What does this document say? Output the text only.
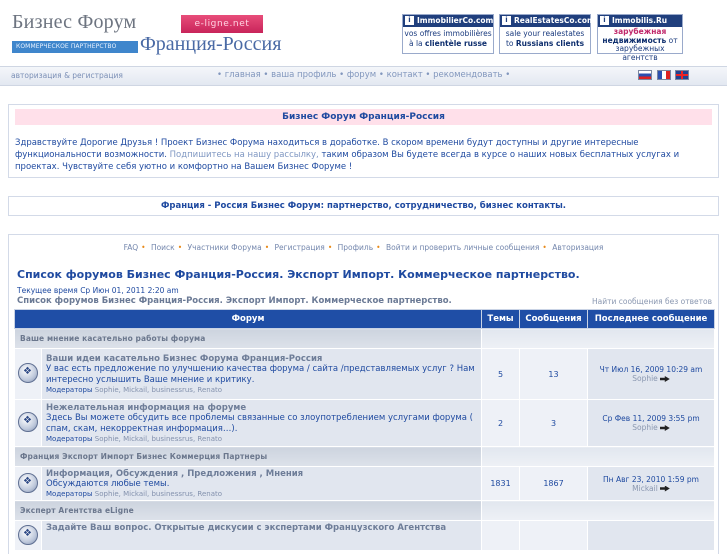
Бизнес Форум	e-ligne.net
КОММЕРЧЕСКОЕ ПАРТНЕРСТВО	Франция-Россия
i ImmobilierCo.com
vos offres immobilières
à la clientèle russe
i RealEstatesCo.com
sale your realestates
to Russians clients
i Immobilis.Ru
зарубежная
недвижимость от
зарубежных агентств
авторизация & регистрация	• главная • ваша профиль • форум • контакт • рекомендовать •

Бизнес Форум Франция-Россия
Здравствуйте Дорогие Друзья ! Проект Бизнес Форума находиться в доработке. В скором времени будут доступны и другие интересные функциональности возможности. Подпишитесь на нашу рассылку, таким образом Вы будете всегда в курсе о наших новых бесплатных услугах и проектах. Чувствуйте себя уютно и комфортно на Вашем Бизнес Форуме !
Франция - Россия Бизнес Форум: партнерство, сотрудничество, бизнес контакты.
FAQ • Поиск • Участники Форума • Регистрация • Профиль • Войти и проверить личные сообщения • Авторизация
Список форумов Бизнес Франция-Россия. Экспорт Импорт. Коммерческое партнерство.
Текущее время Ср Июн 01, 2011 2:20 am
Список форумов Бизнес Франция-Россия. Экспорт Импорт. Коммерческое партнерство.	Найти сообщения без ответов
Форум		Темы	Сообщения	Последнее сообщение
Ваше мнение касательно работы форума				
❖	
Ваши идеи касательно Бизнес Форума Франция-Россия
У вас есть предложение по улучшению качества форума / сайта /представляемых услуг ? Нам интересно услышить Ваше мнение и критику.
Модераторы Sophie, Mickail, businessrus, Renato	5	13	Чт Июл 16, 2009 10:29 am
Sophie
❖	
Нежелательная информация на форуме
Здесь Вы можете обсудить все проблемы связанные со злоупотреблением услугами форума ( спам, скам, некорректная информация…).
Модераторы Sophie, Mickail, businessrus, Renato	2	3	Ср Фев 11, 2009 3:55 pm
Sophie
Франция Экспорт Импорт Бизнес Коммерция Партнеры				
❖	
Информация, Обсуждения , Предложения , Мнения
Обсуждаются любые темы.
Модераторы Sophie, Mickail, businessrus, Renato	1831	1867	Пн Авг 23, 2010 1:59 pm
Mickail
Эксперт Агентства eLigne				
❖	
Задайте Ваш вопрос. Открытые дискусии с экспертами Французского Агентства			
